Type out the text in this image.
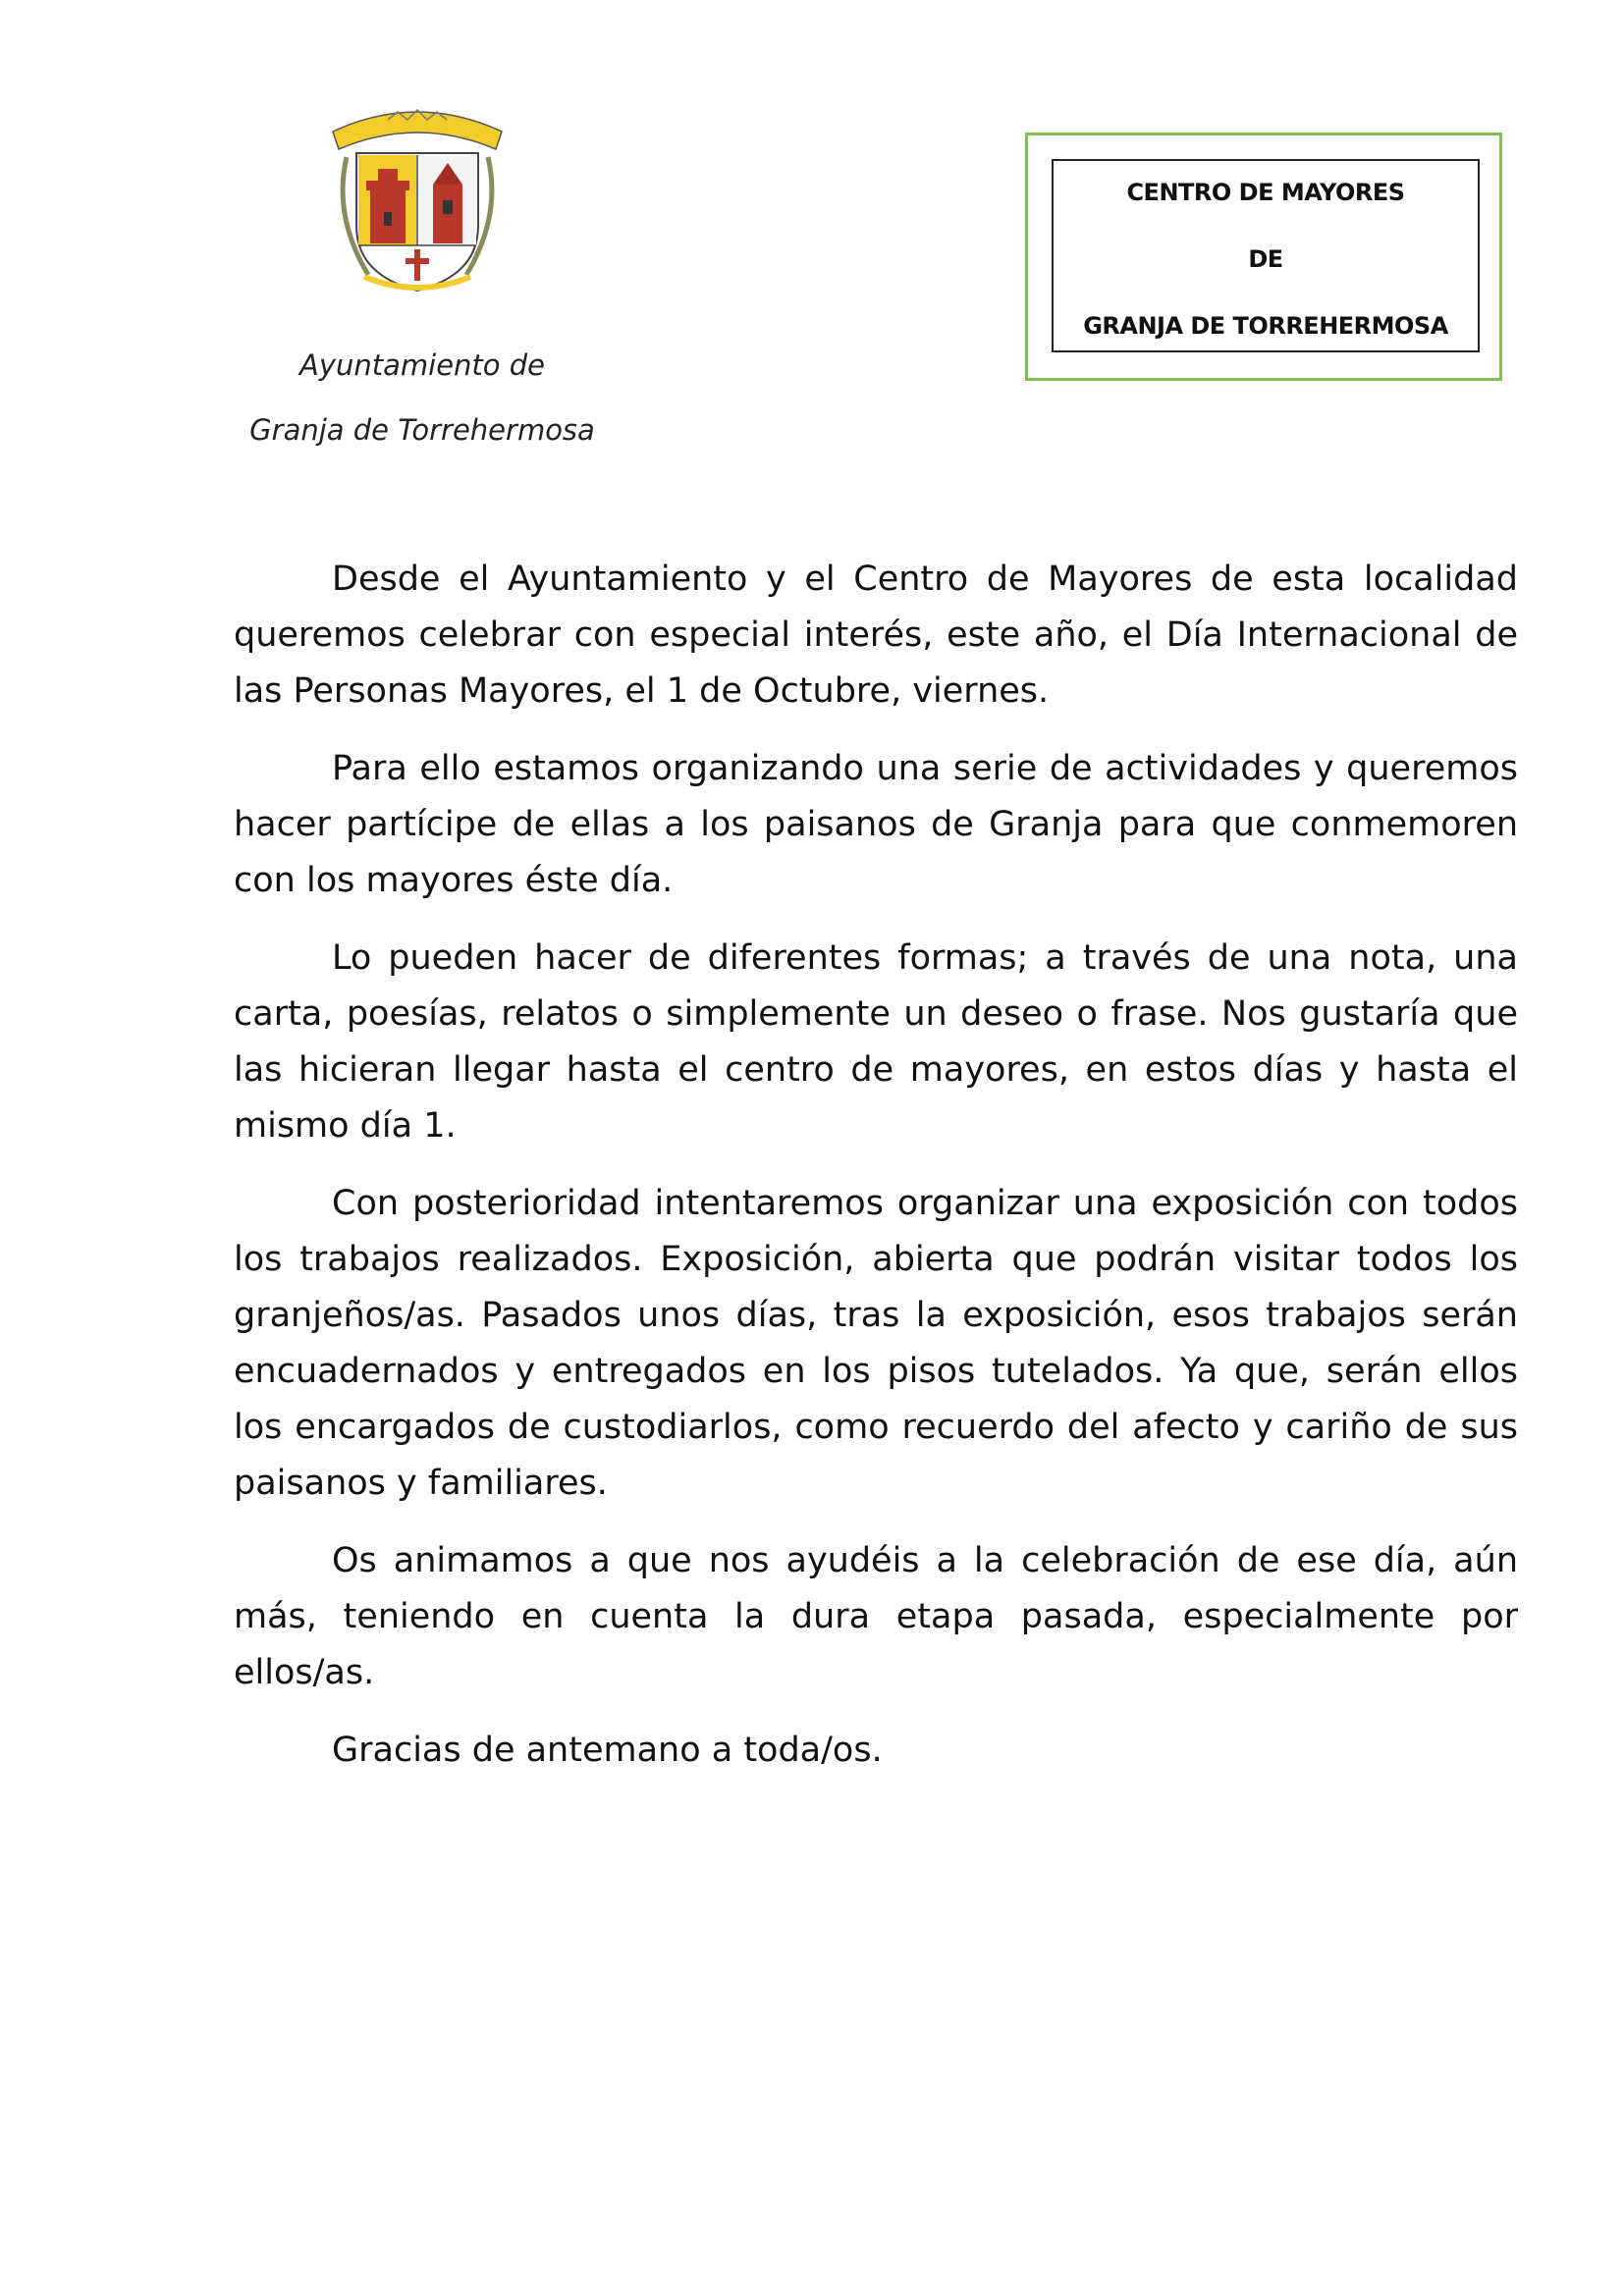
Ayuntamiento de
Granja de Torrehermosa
CENTRO DE MAYORES
DE
GRANJA DE TORREHERMOSA

Desde el Ayuntamiento y el Centro de Mayores de esta localidad queremos celebrar con especial interés, este año, el Día Internacional de las Personas Mayores, el 1 de Octubre, viernes.

Para ello estamos organizando una serie de actividades y queremos hacer partícipe de ellas a los paisanos de Granja para que conmemoren con los mayores éste día.

Lo pueden hacer de diferentes formas; a través de una nota, una carta, poesías, relatos o simplemente un deseo o frase. Nos gustaría que las hicieran llegar hasta el centro de mayores, en estos días y hasta el mismo día 1.

Con posterioridad intentaremos organizar una exposición con todos los trabajos realizados. Exposición, abierta que podrán visitar todos los granjeños/as. Pasados unos días, tras la exposición, esos trabajos serán encuadernados y entregados en los pisos tutelados. Ya que, serán ellos los encargados de custodiarlos, como recuerdo del afecto y cariño de sus paisanos y familiares.

Os animamos a que nos ayudéis a la celebración de ese día, aún más, teniendo en cuenta la dura etapa pasada, especialmente por ellos/as.

Gracias de antemano a toda/os.
